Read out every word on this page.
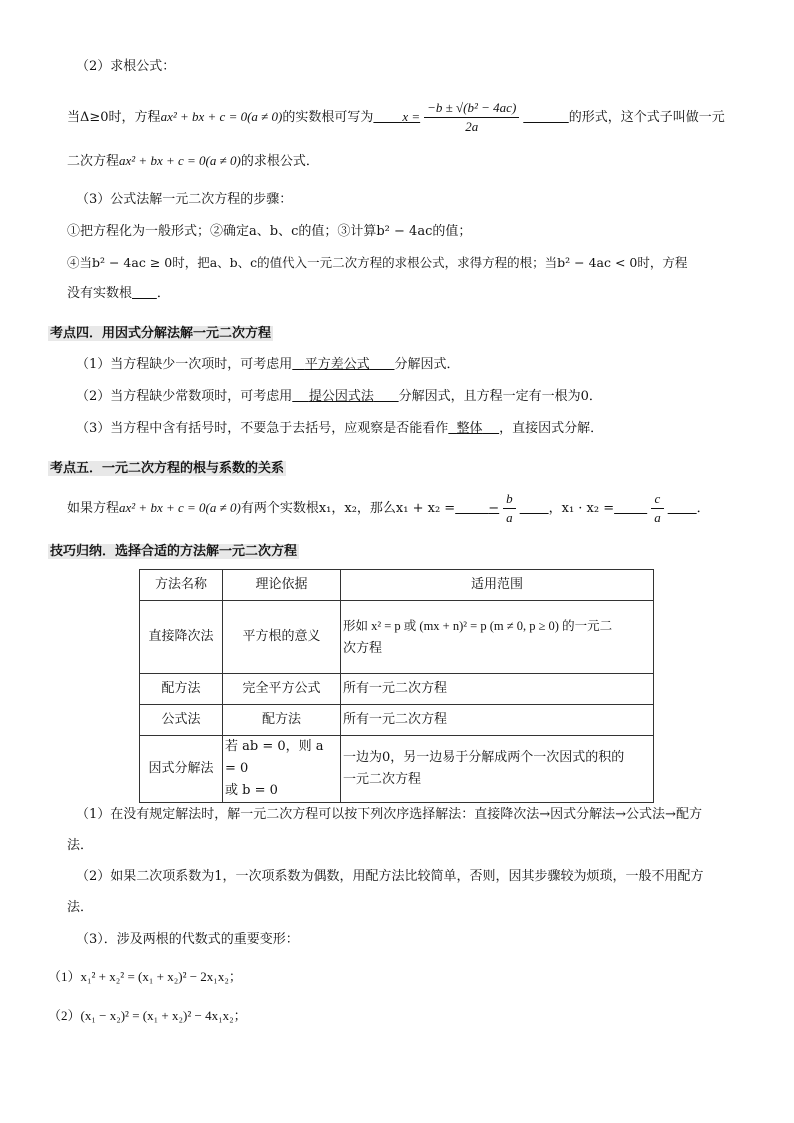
（2）求根公式：
当Δ≥0时，方程ax² + bx + c = 0(a ≠ 0)的实数根可写为 $x = \frac{\text{−b ± √(b² − 4ac)}}{2a}$	的形式，这个式子叫做一元
二次方程ax² + bx + c = 0(a ≠ 0)的求根公式．
（3）公式法解一元二次方程的步骤：
①把方程化为一般形式；②确定a、b、c的值；③计算b² − 4ac的值；
④当b² − 4ac ≥ 0时，把a、b、c的值代入一元二次方程的求根公式，求得方程的根；当b² − 4ac < 0时，方程
没有实数根 ．
考点四．用因式分解法解一元二次方程
（1）当方程缺少一次项时，可考虑用 平方差公式 分解因式．
（2）当方程缺少常数项时，可考虑用 提公因式法 分解因式，且方程一定有一根为0．
（3）当方程中含有括号时，不要急于去括号，应观察是否能看作 整体 ，直接因式分解．
考点五．一元二次方程的根与系数的关系
如果方程ax² + bx + c = 0(a ≠ 0)有两个实数根x₁，x₂，那么x₁ + x₂ =	− $\frac{b}{a}$	，x₁ · x₂ =	$\frac{c}{a}$	．
技巧归纳．选择合适的方法解一元二次方程
方法名称	理论依据	适用范围
直接降次法	平方根的意义	形如 x² = p 或 (mx + n)² = p (m ≠ 0, p ≥ 0) 的一元二
次方程
配方法	完全平方公式	所有一元二次方程
公式法	配方法	所有一元二次方程
因式分解法	若 ab = 0，则 a = 0
或 b = 0	一边为0，另一边易于分解成两个一次因式的积的
一元二次方程
（1）在没有规定解法时，解一元二次方程可以按下列次序选择解法：直接降次法→因式分解法→公式法→配方
法．
（2）如果二次项系数为1，一次项系数为偶数，用配方法比较简单，否则，因其步骤较为烦琐，一般不用配方
法．
（3）．涉及两根的代数式的重要变形：
（1）x₁² + x₂² = (x₁ + x₂)² − 2x₁x₂；
（2）(x₁ − x₂)² = (x₁ + x₂)² − 4x₁x₂；
